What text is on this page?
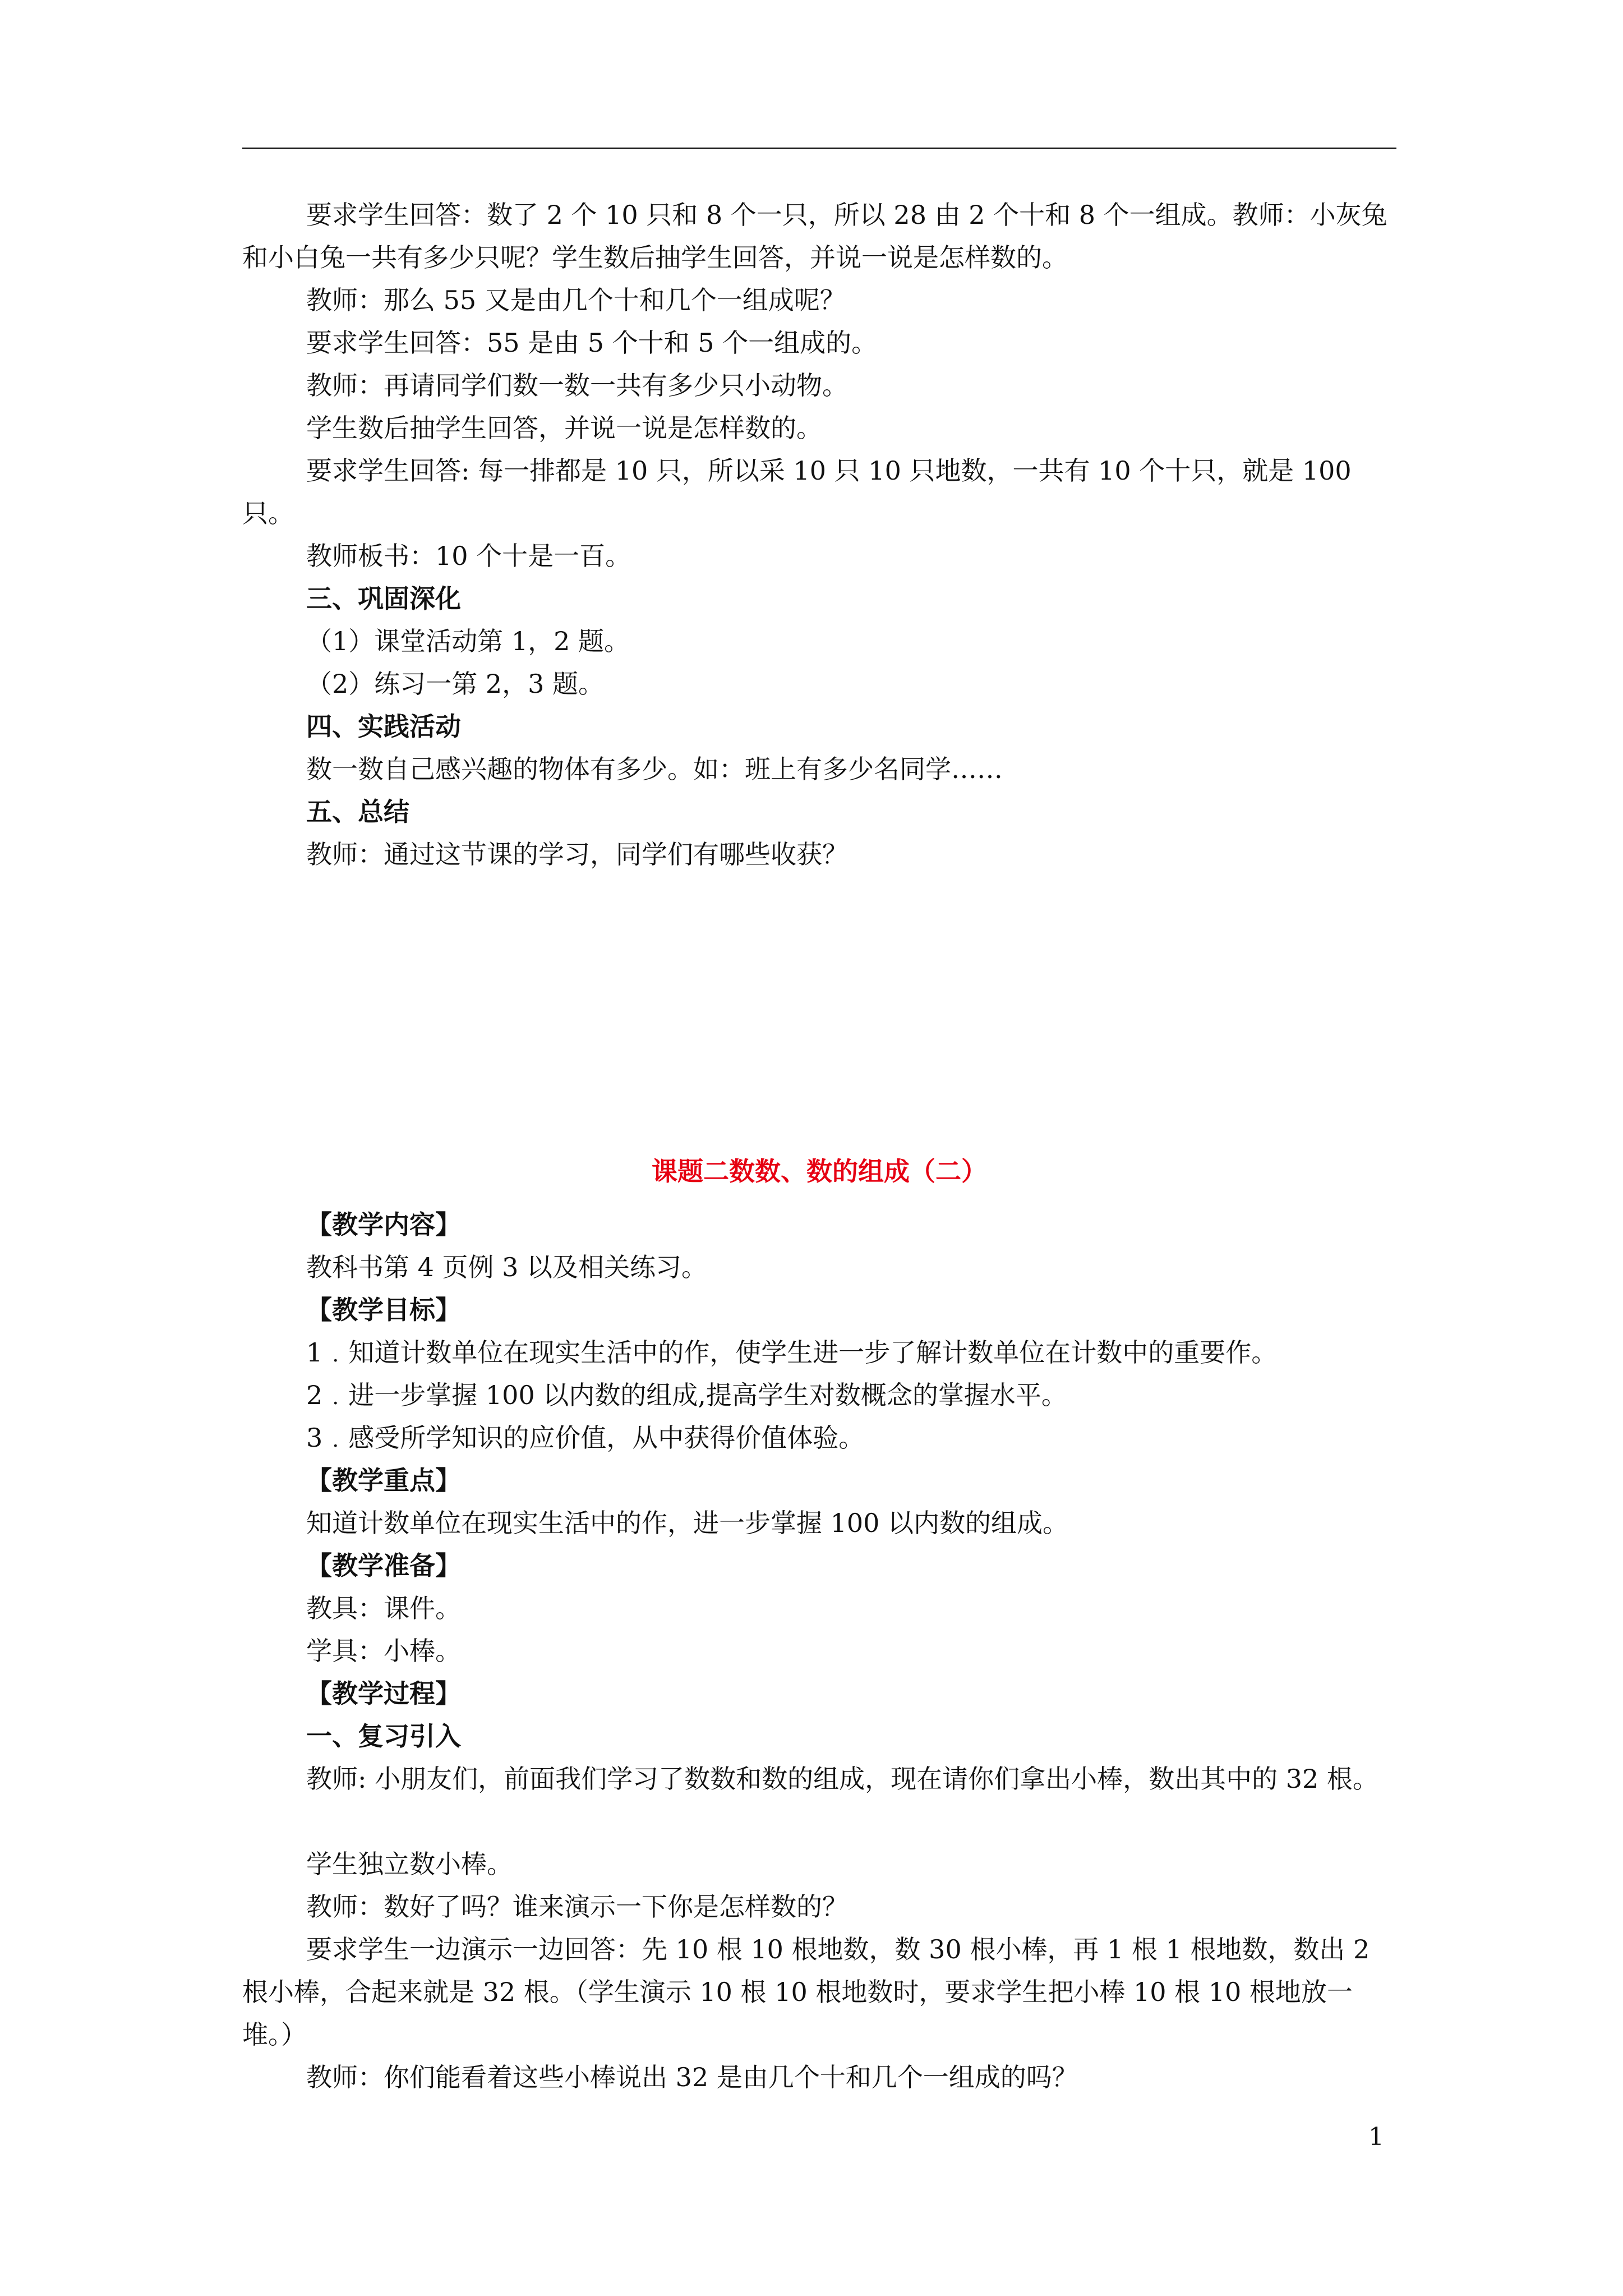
要求学生回答：数了 2 个 10 只和 8 个一只，所以 28 由 2 个十和 8 个一组成。教师：小灰兔和小白兔一共有多少只呢？学生数后抽学生回答，并说一说是怎样数的。

教师：那么 55 又是由几个十和几个一组成呢？

要求学生回答：55 是由 5 个十和 5 个一组成的。

教师：再请同学们数一数一共有多少只小动物。

学生数后抽学生回答，并说一说是怎样数的。

要求学生回答: 每一排都是 10 只，所以采 10 只 10 只地数，一共有 10 个十只，就是 100 只。

教师板书：10 个十是一百。

三、巩固深化

（1）课堂活动第 1，2 题。

（2）练习一第 2，3 题。

四、实践活动

数一数自己感兴趣的物体有多少。如：班上有多少名同学……

五、总结

教师：通过这节课的学习，同学们有哪些收获？

课题二数数、数的组成（二）

【教学内容】

教科书第 4 页例 3 以及相关练习。

【教学目标】

1﹒知道计数单位在现实生活中的作，使学生进一步了解计数单位在计数中的重要作。

2﹒进一步掌握 100 以内数的组成,提高学生对数概念的掌握水平。

3﹒感受所学知识的应价值，从中获得价值体验。

【教学重点】

知道计数单位在现实生活中的作，进一步掌握 100 以内数的组成。

【教学准备】

教具：课件。

学具：小棒。

【教学过程】

一、复习引入

教师: 小朋友们，前面我们学习了数数和数的组成，现在请你们拿出小棒，数出其中的 32 根。

学生独立数小棒。

教师：数好了吗？谁来演示一下你是怎样数的？

要求学生一边演示一边回答：先 10 根 10 根地数，数 30 根小棒，再 1 根 1 根地数，数出 2 根小棒，合起来就是 32 根。（学生演示 10 根 10 根地数时，要求学生把小棒 10 根 10 根地放一堆。）

教师：你们能看着这些小棒说出 32 是由几个十和几个一组成的吗？

1
